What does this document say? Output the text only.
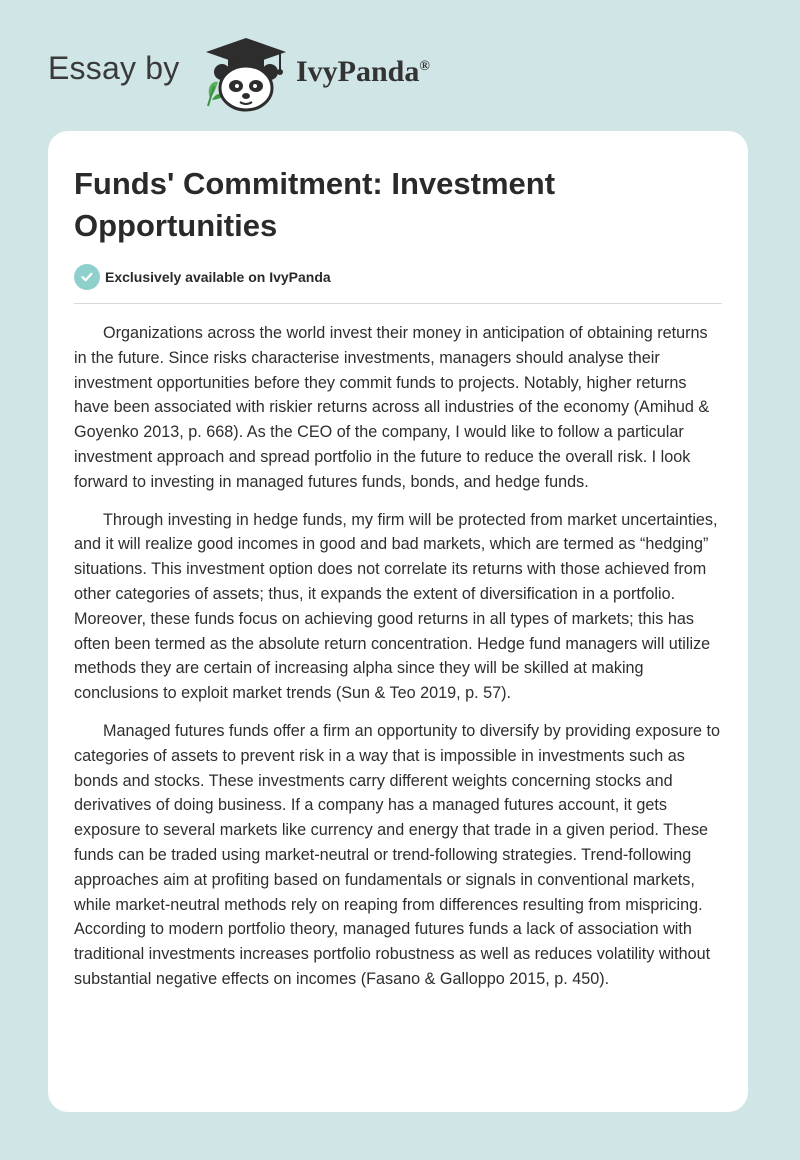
Essay by	IvyPanda®
Funds' Commitment: Investment Opportunities
Exclusively available on IvyPanda

Organizations across the world invest their money in anticipation of obtaining returns in the future. Since risks characterise investments, managers should analyse their investment opportunities before they commit funds to projects. Notably, higher returns have been associated with riskier returns across all industries of the economy (Amihud & Goyenko 2013, p. 668). As the CEO of the company, I would like to follow a particular investment approach and spread portfolio in the future to reduce the overall risk. I look forward to investing in managed futures funds, bonds, and hedge funds.

Through investing in hedge funds, my firm will be protected from market uncertainties, and it will realize good incomes in good and bad markets, which are termed as “hedging” situations. This investment option does not correlate its returns with those achieved from other categories of assets; thus, it expands the extent of diversification in a portfolio. Moreover, these funds focus on achieving good returns in all types of markets; this has often been termed as the absolute return concentration. Hedge fund managers will utilize methods they are certain of increasing alpha since they will be skilled at making conclusions to exploit market trends (Sun & Teo 2019, p. 57).

Managed futures funds offer a firm an opportunity to diversify by providing exposure to categories of assets to prevent risk in a way that is impossible in investments such as bonds and stocks. These investments carry different weights concerning stocks and derivatives of doing business. If a company has a managed futures account, it gets exposure to several markets like currency and energy that trade in a given period. These funds can be traded using market-neutral or trend-following strategies. Trend-following approaches aim at profiting based on fundamentals or signals in conventional markets, while market-neutral methods rely on reaping from differences resulting from mispricing. According to modern portfolio theory, managed futures funds a lack of association with traditional investments increases portfolio robustness as well as reduces volatility without substantial negative effects on incomes (Fasano & Galloppo 2015, p. 450).
